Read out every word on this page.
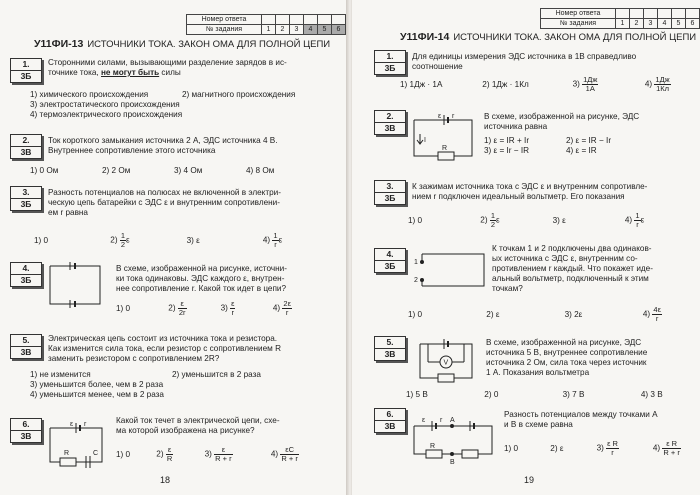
Номер ответа						
№ задания	1	2	3	4	5	6
У11ФИ-13 ИСТОЧНИКИ ТОКА. ЗАКОН ОМА ДЛЯ ПОЛНОЙ ЦЕПИ
1.
3Б
Сторонними силами, вызывающими разделение зарядов в ис-
точнике тока, не могут быть силы
1) химического происхождения	2) магнитного происхождения
3) электростатического происхождения
4) термоэлектрического происхождения
2.
3В
Ток короткого замыкания источника 2 А, ЭДС источника 4 В.
Внутреннее сопротивление этого источника
1) 0 Ом	2) 2 Ом	3) 4 Ом	4) 8 Ом
3.
3Б
Разность потенциалов на полюсах не включенной в электри-
ческую цепь батарейки с ЭДС ε и внутренним сопротивлени-
ем r равна
1) 0	$2) \frac{1}{2}$ ε	3) ε	$4) \frac{1}{r}$ ε
4.
3Б
В схеме, изображенной на рисунке, источни-
ки тока одинаковы. ЭДС каждого ε, внутрен-
нее сопротивление r. Какой ток идет в цепи?
1) 0	$2) \frac{\varepsilon}{2r}$	$3) \frac{\varepsilon}{r}$	$4) \frac{2\varepsilon}{r}$
5.
3В
Электрическая цепь состоит из источника тока и резистора.
Как изменится сила тока, если резистор с сопротивлением R
заменить резистором с сопротивлением 2R?
1) не изменится	2) уменьшится в 2 раза
3) уменьшится более, чем в 2 раза
4) уменьшится менее, чем в 2 раза
6.
3В
ε r
R	C
Какой ток течет в электрической цепи, схе-
ма которой изображена на рисунке?
1) 0	$2) \frac{\varepsilon}{R}$	$3) \frac{\varepsilon}{R + r}$	$4) \frac{\varepsilon C}{R + r}$
18
Номер ответа						
№ задания	1	2	3	4	5	6
У11ФИ-14 ИСТОЧНИКИ ТОКА. ЗАКОН ОМА ДЛЯ ПОЛНОЙ ЦЕПИ
1.
3Б
Для единицы измерения ЭДС источника в 1В справедливо
соотношение
1) 1Дж · 1А	2) 1Дж · 1Кл	$3) \frac{1Дж}{1А}$	$4) \frac{1Дж}{1Кл}$
2.
3В
ε r
I
R
В схеме, изображенной на рисунке, ЭДС
источника равна
1) ε = IR + Ir	2) ε = IR − Ir
3) ε = Ir − IR	4) ε = IR
3.
3Б
К зажимам источника тока с ЭДС ε и внутренним сопротивле-
нием r подключен идеальный вольтметр. Его показания
1) 0	$2) \frac{1}{2}$ ε	3) ε	$4) \frac{1}{r}$ ε
4.
3Б	1
2
К точкам 1 и 2 подключены два одинаков-
ых источника с ЭДС ε, внутренним со-
противлением r каждый. Что покажет иде-
альный вольтметр, подключенный к этим
точкам?
1) 0	2) ε	3) 2ε	$4) \frac{4\varepsilon}{r}$
5.
3В
V
В схеме, изображенной на рисунке, ЭДС
источника 5 В, внутреннее сопротивление
источника 2 Ом, сила тока через источник
1 А. Показания вольтметра
1) 5 В	2) 0	3) 7 В	4) 3 В
6.
3В
ε r A
R
B
Разность потенциалов между точками А
и В в схеме равна
1) 0	2) ε	$3) \frac{\text{ε R}}{r}$	$4) \frac{\text{ε R}}{R + r}$
19
